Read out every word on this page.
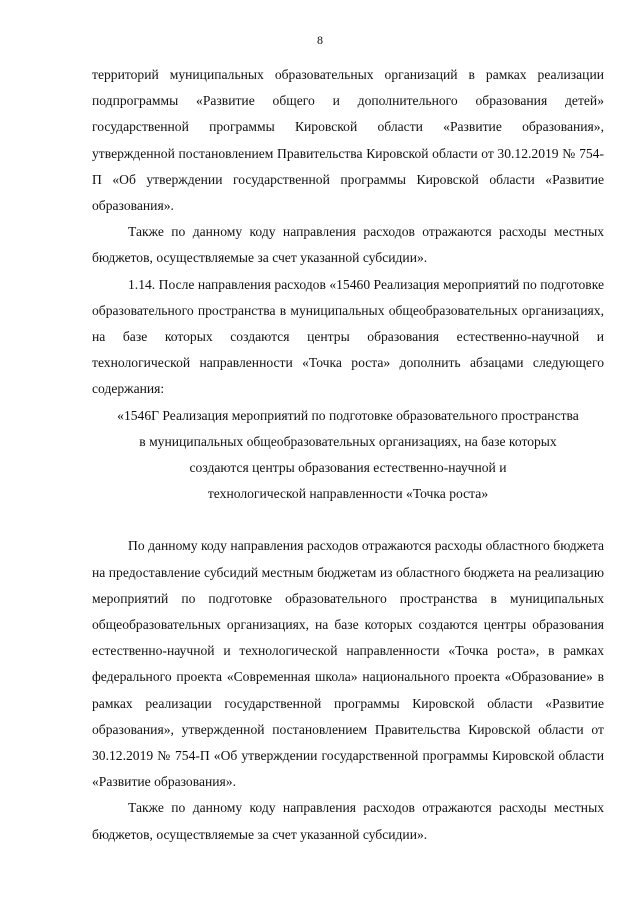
8

территорий муниципальных образовательных организаций в рамках реализации подпрограммы «Развитие общего и дополнительного образования детей» государственной программы Кировской области «Развитие образования», утвержденной постановлением Правительства Кировской области от 30.12.2019 № 754-П «Об утверждении государственной программы Кировской области «Развитие образования».

Также по данному коду направления расходов отражаются расходы местных бюджетов, осуществляемые за счет указанной субсидии».

1.14. После направления расходов «15460 Реализация мероприятий по подготовке образовательного пространства в муниципальных общеобразовательных организациях, на базе которых создаются центры образования естественно-научной и технологической направленности «Точка роста» дополнить абзацами следующего содержания:

«1546Г Реализация мероприятий по подготовке образовательного пространства
в муниципальных общеобразовательных организациях, на базе которых
создаются центры образования естественно-научной и
технологической направленности «Точка роста»

По данному коду направления расходов отражаются расходы областного бюджета на предоставление субсидий местным бюджетам из областного бюджета на реализацию мероприятий по подготовке образовательного пространства в муниципальных общеобразовательных организациях, на базе которых создаются центры образования естественно-научной и технологической направленности «Точка роста», в рамках федерального проекта «Современная школа» национального проекта «Образование» в рамках реализации государственной программы Кировской области «Развитие образования», утвержденной постановлением Правительства Кировской области от 30.12.2019 № 754-П «Об утверждении государственной программы Кировской области «Развитие образования».

Также по данному коду направления расходов отражаются расходы местных бюджетов, осуществляемые за счет указанной субсидии».
